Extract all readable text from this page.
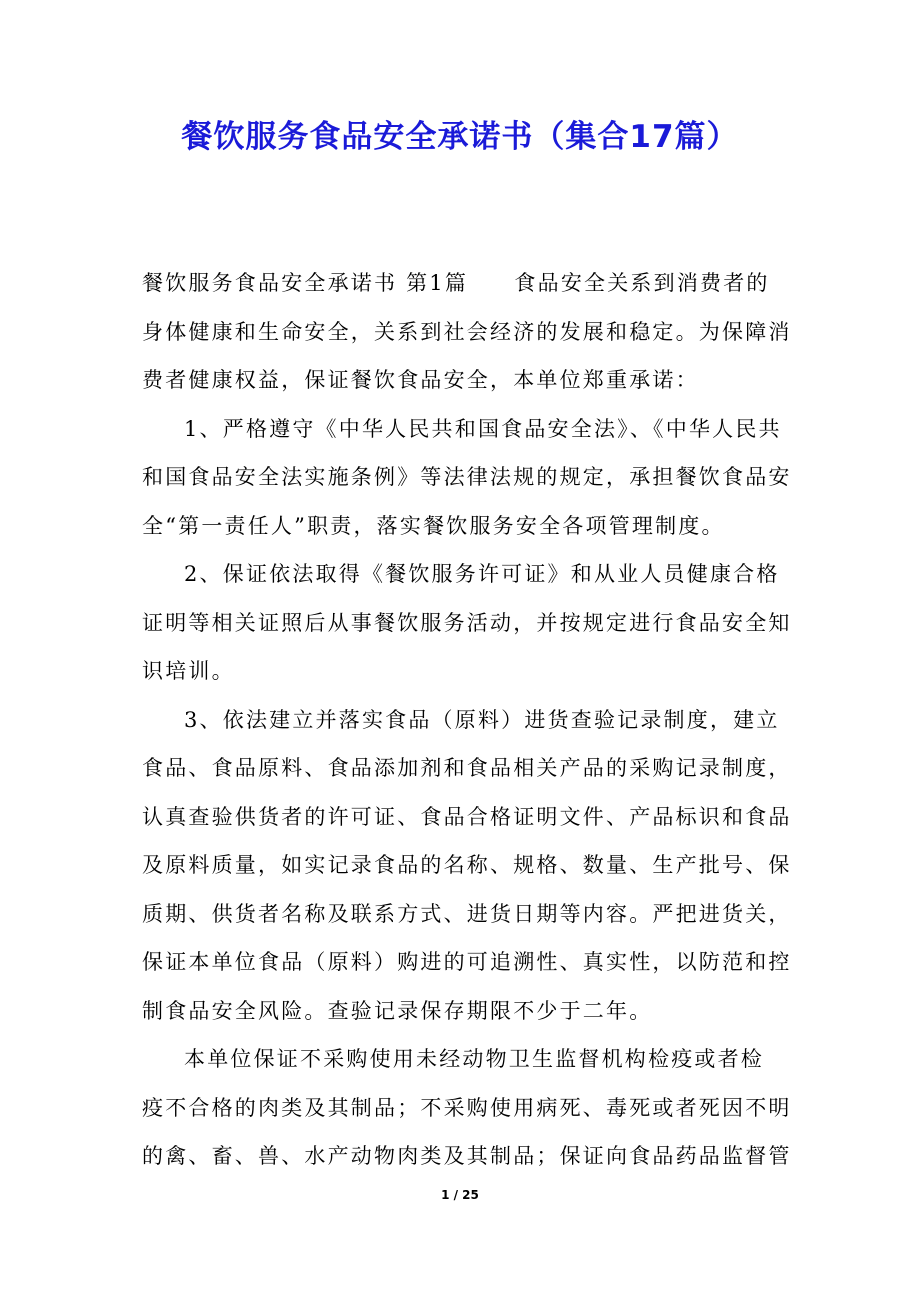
餐饮服务食品安全承诺书（集合17篇）
餐饮服务食品安全承诺书 第1篇　　食品安全关系到消费者的
身体健康和生命安全，关系到社会经济的发展和稳定。为保障消
费者健康权益，保证餐饮食品安全，本单位郑重承诺：
1、严格遵守《中华人民共和国食品安全法》、《中华人民共
和国食品安全法实施条例》等法律法规的规定，承担餐饮食品安
全“第一责任人”职责，落实餐饮服务安全各项管理制度。
2、保证依法取得《餐饮服务许可证》和从业人员健康合格
证明等相关证照后从事餐饮服务活动，并按规定进行食品安全知
识培训。
3、依法建立并落实食品（原料）进货查验记录制度，建立
食品、食品原料、食品添加剂和食品相关产品的采购记录制度，
认真查验供货者的许可证、食品合格证明文件、产品标识和食品
及原料质量，如实记录食品的名称、规格、数量、生产批号、保
质期、供货者名称及联系方式、进货日期等内容。严把进货关，
保证本单位食品（原料）购进的可追溯性、真实性，以防范和控
制食品安全风险。查验记录保存期限不少于二年。
本单位保证不采购使用未经动物卫生监督机构检疫或者检
疫不合格的肉类及其制品；不采购使用病死、毒死或者死因不明
的禽、畜、兽、水产动物肉类及其制品；保证向食品药品监督管
1 / 25
